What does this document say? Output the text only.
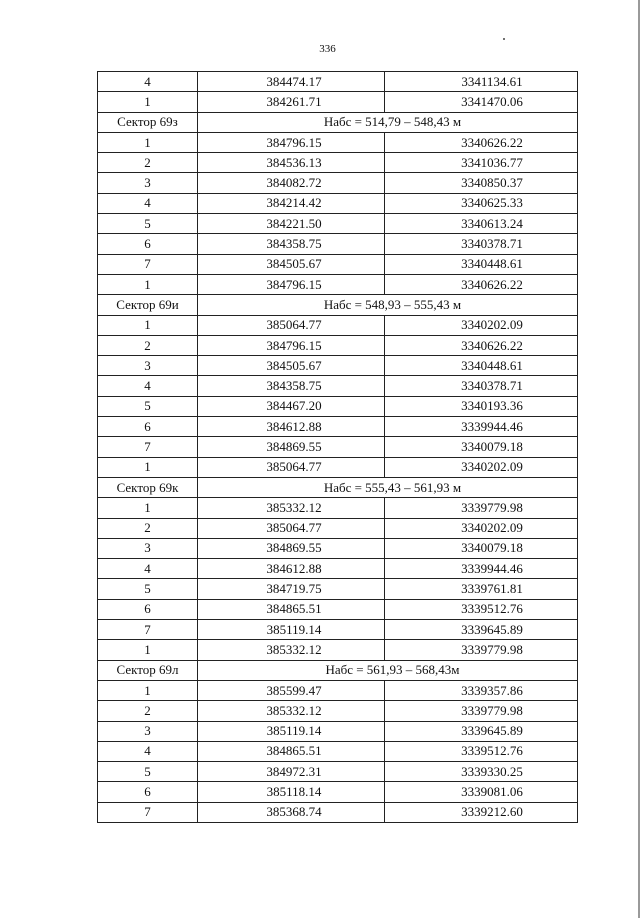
336
4	384474.17	3341134.61
1	384261.71	3341470.06
Сектор 69з	Набс = 514,79 – 548,43 м	
1	384796.15	3340626.22
2	384536.13	3341036.77
3	384082.72	3340850.37
4	384214.42	3340625.33
5	384221.50	3340613.24
6	384358.75	3340378.71
7	384505.67	3340448.61
1	384796.15	3340626.22
Сектор 69и	Набс = 548,93 – 555,43 м	
1	385064.77	3340202.09
2	384796.15	3340626.22
3	384505.67	3340448.61
4	384358.75	3340378.71
5	384467.20	3340193.36
6	384612.88	3339944.46
7	384869.55	3340079.18
1	385064.77	3340202.09
Сектор 69к	Набс = 555,43 – 561,93 м	
1	385332.12	3339779.98
2	385064.77	3340202.09
3	384869.55	3340079.18
4	384612.88	3339944.46
5	384719.75	3339761.81
6	384865.51	3339512.76
7	385119.14	3339645.89
1	385332.12	3339779.98
Сектор 69л	Набс = 561,93 – 568,43м	
1	385599.47	3339357.86
2	385332.12	3339779.98
3	385119.14	3339645.89
4	384865.51	3339512.76
5	384972.31	3339330.25
6	385118.14	3339081.06
7	385368.74	3339212.60
